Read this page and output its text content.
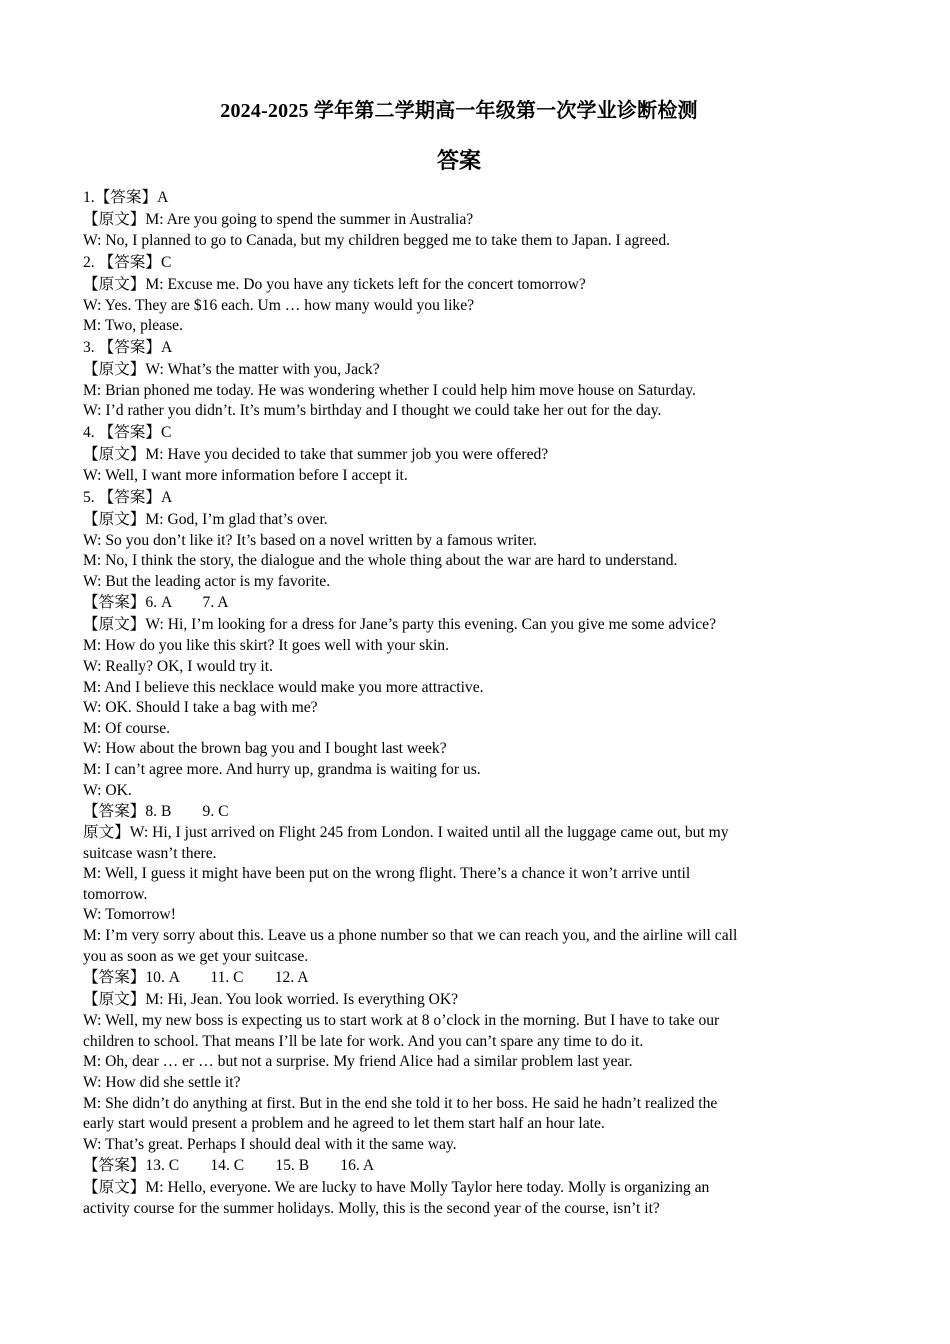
2024-2025 学年第二学期高一年级第一次学业诊断检测
答案
1.【答案】A
【原文】M: Are you going to spend the summer in Australia?
W: No, I planned to go to Canada, but my children begged me to take them to Japan. I agreed.
2. 【答案】C
【原文】M: Excuse me. Do you have any tickets left for the concert tomorrow?
W: Yes. They are $16 each. Um … how many would you like?
M: Two, please.
3. 【答案】A
【原文】W: What’s the matter with you, Jack?
M: Brian phoned me today. He was wondering whether I could help him move house on Saturday.
W: I’d rather you didn’t. It’s mum’s birthday and I thought we could take her out for the day.
4. 【答案】C
【原文】M: Have you decided to take that summer job you were offered?
W: Well, I want more information before I accept it.
5. 【答案】A
【原文】M: God, I’m glad that’s over.
W: So you don’t like it? It’s based on a novel written by a famous writer.
M: No, I think the story, the dialogue and the whole thing about the war are hard to understand.
W: But the leading actor is my favorite.
【答案】6. A        7. A
【原文】W: Hi, I’m looking for a dress for Jane’s party this evening. Can you give me some advice?
M: How do you like this skirt? It goes well with your skin.
W: Really? OK, I would try it.
M: And I believe this necklace would make you more attractive.
W: OK. Should I take a bag with me?
M: Of course.
W: How about the brown bag you and I bought last week?
M: I can’t agree more. And hurry up, grandma is waiting for us.
W: OK.
【答案】8. B        9. C
原文】W: Hi, I just arrived on Flight 245 from London. I waited until all the luggage came out, but my
suitcase wasn’t there.
M: Well, I guess it might have been put on the wrong flight. There’s a chance it won’t arrive until
tomorrow.
W: Tomorrow!
M: I’m very sorry about this. Leave us a phone number so that we can reach you, and the airline will call
you as soon as we get your suitcase.
【答案】10. A        11. C        12. A
【原文】M: Hi, Jean. You look worried. Is everything OK?
W: Well, my new boss is expecting us to start work at 8 o’clock in the morning. But I have to take our
children to school. That means I’ll be late for work. And you can’t spare any time to do it.
M: Oh, dear … er … but not a surprise. My friend Alice had a similar problem last year.
W: How did she settle it?
M: She didn’t do anything at first. But in the end she told it to her boss. He said he hadn’t realized the
early start would present a problem and he agreed to let them start half an hour late.
W: That’s great. Perhaps I should deal with it the same way.
【答案】13. C        14. C        15. B        16. A
【原文】M: Hello, everyone. We are lucky to have Molly Taylor here today. Molly is organizing an
activity course for the summer holidays. Molly, this is the second year of the course, isn’t it?
